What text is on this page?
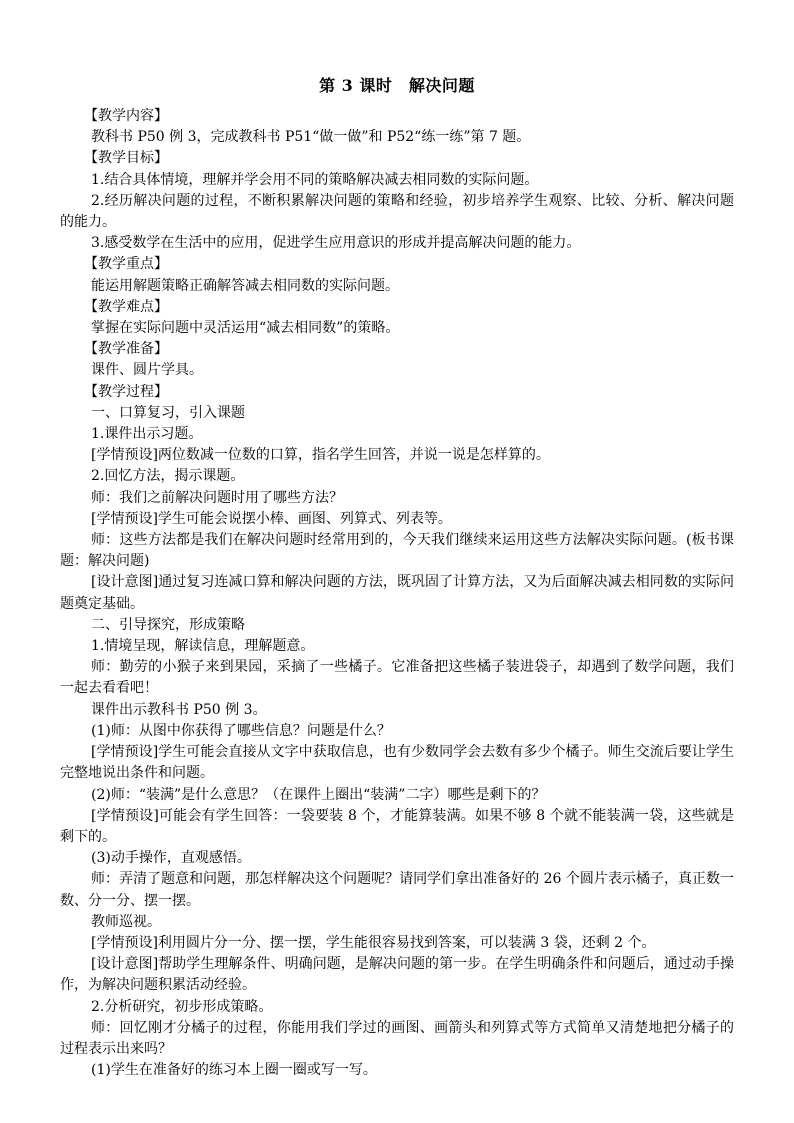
第 3 课时　解决问题

【教学内容】

教科书 P50 例 3，完成教科书 P51“做一做”和 P52“练一练”第 7 题。

【教学目标】

1.结合具体情境，理解并学会用不同的策略解决减去相同数的实际问题。

2.经历解决问题的过程，不断积累解决问题的策略和经验，初步培养学生观察、比较、分析、解决问题的能力。

3.感受数学在生活中的应用，促进学生应用意识的形成并提高解决问题的能力。

【教学重点】

能运用解题策略正确解答减去相同数的实际问题。

【教学难点】

掌握在实际问题中灵活运用“减去相同数”的策略。

【教学准备】

课件、圆片学具。

【教学过程】

一、口算复习，引入课题

1.课件出示习题。

[学情预设]两位数减一位数的口算，指名学生回答，并说一说是怎样算的。

2.回忆方法，揭示课题。

师：我们之前解决问题时用了哪些方法？

[学情预设]学生可能会说摆小棒、画图、列算式、列表等。

师：这些方法都是我们在解决问题时经常用到的，今天我们继续来运用这些方法解决实际问题。(板书课题：解决问题)

[设计意图]通过复习连减口算和解决问题的方法，既巩固了计算方法，又为后面解决减去相同数的实际问题奠定基础。

二、引导探究，形成策略

1.情境呈现，解读信息，理解题意。

师：勤劳的小猴子来到果园，采摘了一些橘子。它准备把这些橘子装进袋子，却遇到了数学问题，我们一起去看看吧！

课件出示教科书 P50 例 3。

(1)师：从图中你获得了哪些信息？问题是什么？

[学情预设]学生可能会直接从文字中获取信息，也有少数同学会去数有多少个橘子。师生交流后要让学生完整地说出条件和问题。

(2)师：“装满”是什么意思？（在课件上圈出“装满”二字）哪些是剩下的？

[学情预设]可能会有学生回答：一袋要装 8 个，才能算装满。如果不够 8 个就不能装满一袋，这些就是剩下的。

(3)动手操作，直观感悟。

师：弄清了题意和问题，那怎样解决这个问题呢？请同学们拿出准备好的 26 个圆片表示橘子，真正数一数、分一分、摆一摆。

教师巡视。

[学情预设]利用圆片分一分、摆一摆，学生能很容易找到答案，可以装满 3 袋，还剩 2 个。

[设计意图]帮助学生理解条件、明确问题，是解决问题的第一步。在学生明确条件和问题后，通过动手操作，为解决问题积累活动经验。

2.分析研究，初步形成策略。

师：回忆刚才分橘子的过程，你能用我们学过的画图、画箭头和列算式等方式简单又清楚地把分橘子的过程表示出来吗？

(1)学生在准备好的练习本上圈一圈或写一写。
